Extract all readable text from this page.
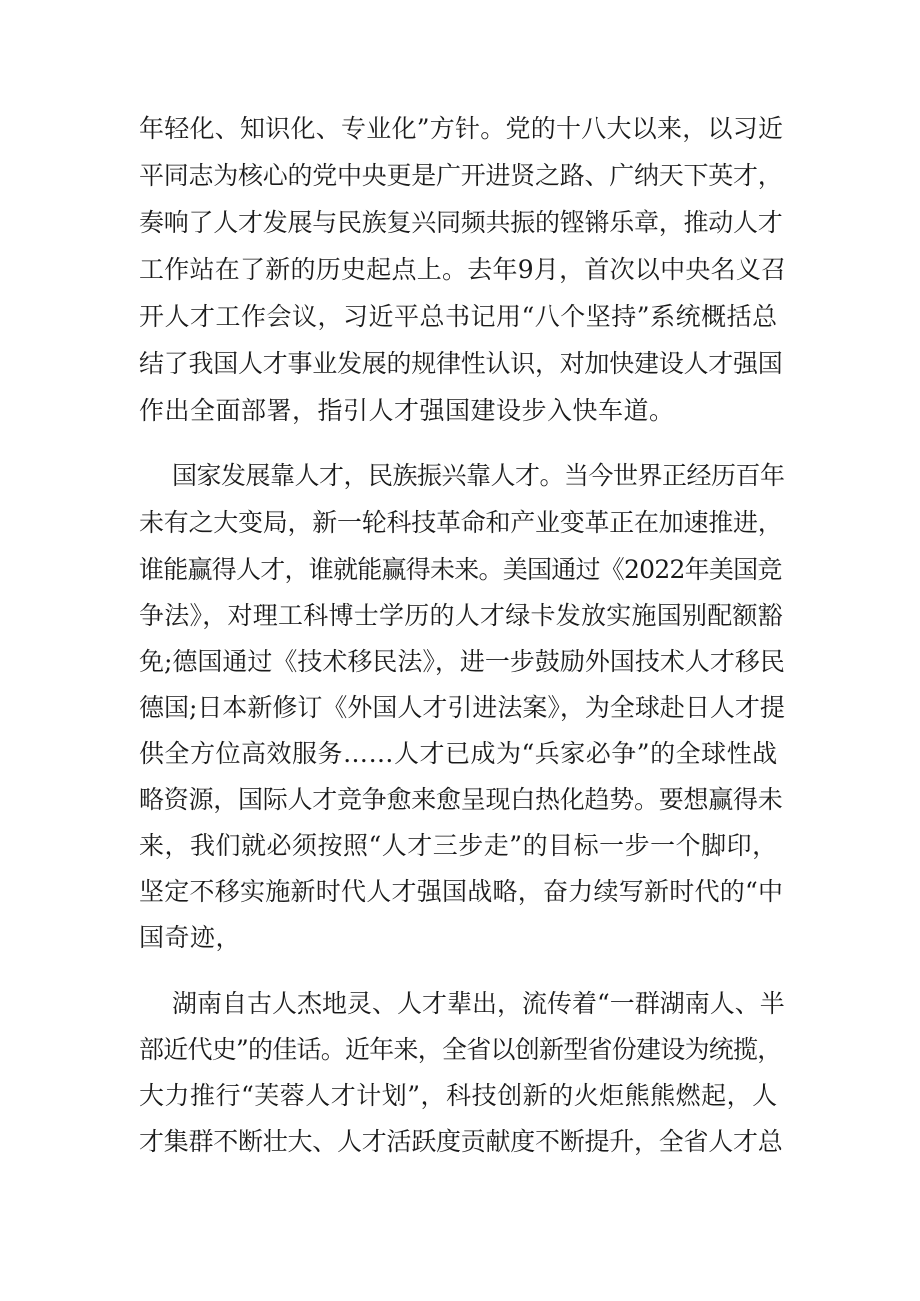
年轻化、知识化、专业化”方针。党的十八大以来，以习近
平同志为核心的党中央更是广开进贤之路、广纳天下英才，
奏响了人才发展与民族复兴同频共振的铿锵乐章，推动人才
工作站在了新的历史起点上。去年9月，首次以中央名义召
开人才工作会议，习近平总书记用“八个坚持”系统概括总
结了我国人才事业发展的规律性认识，对加快建设人才强国
作出全面部署，指引人才强国建设步入快车道。
国家发展靠人才，民族振兴靠人才。当今世界正经历百年
未有之大变局，新一轮科技革命和产业变革正在加速推进，
谁能赢得人才，谁就能赢得未来。美国通过《2022年美国竞
争法》，对理工科博士学历的人才绿卡发放实施国别配额豁
免;德国通过《技术移民法》，进一步鼓励外国技术人才移民
德国;日本新修订《外国人才引进法案》，为全球赴日人才提
供全方位高效服务……人才已成为“兵家必争”的全球性战
略资源，国际人才竞争愈来愈呈现白热化趋势。要想赢得未
来，我们就必须按照“人才三步走”的目标一步一个脚印，
坚定不移实施新时代人才强国战略，奋力续写新时代的“中
国奇迹，
湖南自古人杰地灵、人才辈出，流传着“一群湖南人、半
部近代史”的佳话。近年来，全省以创新型省份建设为统揽，
大力推行“芙蓉人才计划”，科技创新的火炬熊熊燃起，人
才集群不断壮大、人才活跃度贡献度不断提升，全省人才总
